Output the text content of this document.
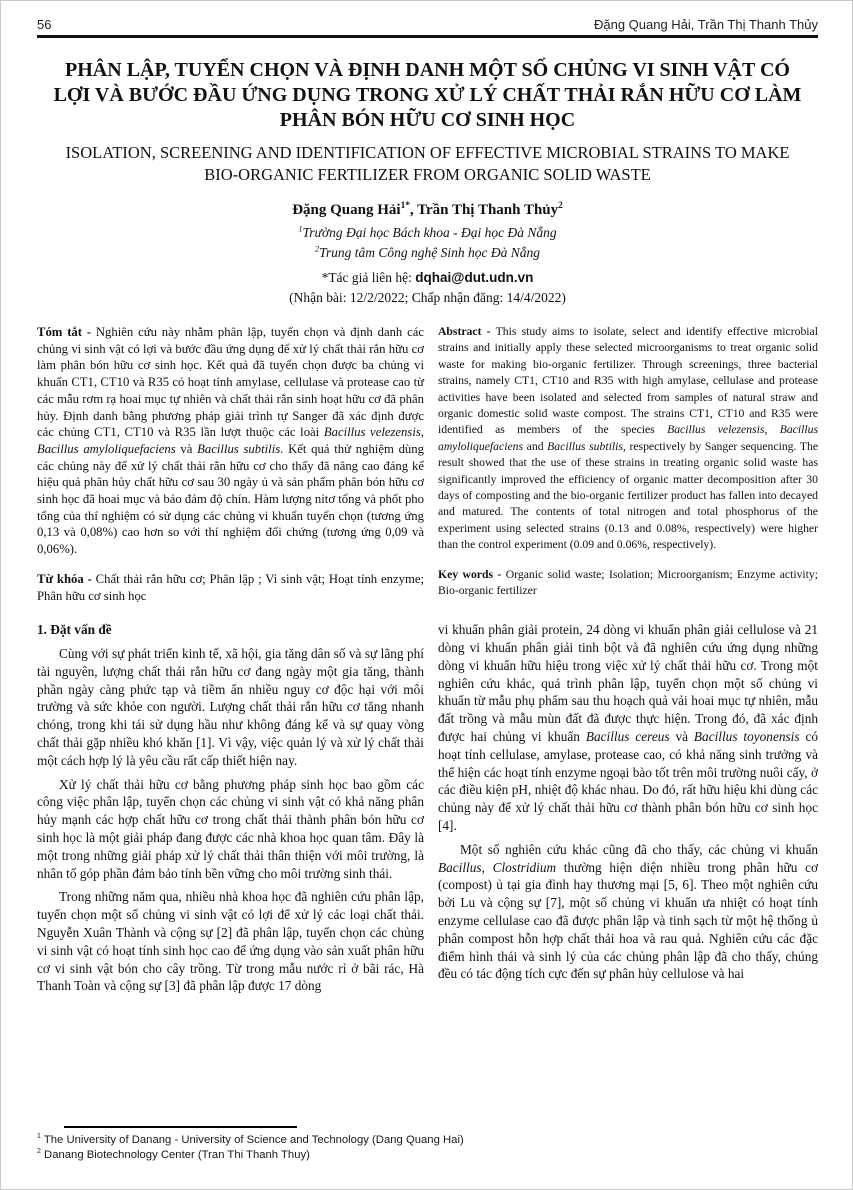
56	Đặng Quang Hải, Trần Thị Thanh Thủy
PHÂN LẬP, TUYỂN CHỌN VÀ ĐỊNH DANH MỘT SỐ CHỦNG VI SINH VẬT CÓ LỢI VÀ BƯỚC ĐẦU ỨNG DỤNG TRONG XỬ LÝ CHẤT THẢI RẮN HỮU CƠ LÀM PHÂN BÓN HỮU CƠ SINH HỌC
ISOLATION, SCREENING AND IDENTIFICATION OF EFFECTIVE MICROBIAL STRAINS TO MAKE BIO-ORGANIC FERTILIZER FROM ORGANIC SOLID WASTE
Đặng Quang Hải$^{1*}$, Trần Thị Thanh Thủy$^2$
$^1$Trường Đại học Bách khoa - Đại học Đà Nẵng
$^2$Trung tâm Công nghệ Sinh học Đà Nẵng
*Tác giả liên hệ: dqhai@dut.udn.vn
(Nhận bài: 12/2/2022; Chấp nhận đăng: 14/4/2022)
Tóm tắt - Nghiên cứu này nhằm phân lập, tuyển chọn và định danh các chủng vi sinh vật có lợi và bước đầu ứng dụng để xử lý chất thải rắn hữu cơ làm phân bón hữu cơ sinh học. Kết quả đã tuyển chọn được ba chủng vi khuẩn CT1, CT10 và R35 có hoạt tính amylase, cellulase và protease cao từ các mẫu rơm rạ hoai mục tự nhiên và chất thải rắn sinh hoạt hữu cơ đã phân hủy. Định danh bằng phương pháp giải trình tự Sanger đã xác định được các chủng CT1, CT10 và R35 lần lượt thuộc các loài Bacillus velezensis, Bacillus amyloliquefaciens và Bacillus subtilis. Kết quả thử nghiệm dùng các chủng này để xử lý chất thải rắn hữu cơ cho thấy đã nâng cao đáng kể hiệu quả phân hủy chất hữu cơ sau 30 ngày ủ và sản phẩm phân bón hữu cơ sinh học đã hoai mục và bảo đảm độ chín. Hàm lượng nitơ tổng và phốt pho tổng của thí nghiệm có sử dụng các chủng vi khuẩn tuyển chọn (tương ứng 0,13 và 0,08%) cao hơn so với thí nghiệm đối chứng (tương ứng 0,09 và 0,06%).
Từ khóa - Chất thải rắn hữu cơ; Phân lập ; Vi sinh vật; Hoạt tính enzyme; Phân hữu cơ sinh học
Abstract - This study aims to isolate, select and identify effective microbial strains and initially apply these selected microorganisms to treat organic solid waste for making bio-organic fertilizer. Through screenings, three bacterial strains, namely CT1, CT10 and R35 with high amylase, cellulase and protease activities have been isolated and selected from samples of natural straw and organic domestic solid waste compost. The strains CT1, CT10 and R35 were identified as members of the species Bacillus velezensis, Bacillus amyloliquefaciens and Bacillus subtilis, respectively by Sanger sequencing. The result showed that the use of these strains in treating organic solid waste has significantly improved the efficiency of organic matter decomposition after 30 days of composting and the bio-organic fertilizer product has fallen into decayed and matured. The contents of total nitrogen and total phosphorus of the experiment using selected strains (0.13 and 0.08%, respectively) were higher than the control experiment (0.09 and 0.06%, respectively).
Key words - Organic solid waste; Isolation; Microorganism; Enzyme activity; Bio-organic fertilizer

1. Đặt vấn đề

Cùng với sự phát triển kinh tế, xã hội, gia tăng dân số và sự lãng phí tài nguyên, lượng chất thải rắn hữu cơ đang ngày một gia tăng, thành phần ngày càng phức tạp và tiềm ẩn nhiều nguy cơ độc hại với môi trường và sức khỏe con người. Lượng chất thải rắn hữu cơ tăng nhanh chóng, trong khi tái sử dụng hầu như không đáng kể và sự quay vòng chất thải gặp nhiều khó khăn [1]. Vì vậy, việc quản lý và xử lý chất thải một cách hợp lý là yêu cầu rất cấp thiết hiện nay.

Xử lý chất thải hữu cơ bằng phương pháp sinh học bao gồm các công việc phân lập, tuyển chọn các chủng vi sinh vật có khả năng phân hủy mạnh các hợp chất hữu cơ trong chất thải thành phân bón hữu cơ sinh học là một giải pháp đang được các nhà khoa học quan tâm. Đây là một trong những giải pháp xử lý chất thải thân thiện với môi trường, là nhân tố góp phần đảm bảo tính bền vững cho môi trường sinh thái.

Trong những năm qua, nhiều nhà khoa học đã nghiên cứu phân lập, tuyển chọn một số chủng vi sinh vật có lợi để xử lý các loại chất thải. Nguyễn Xuân Thành và cộng sự [2] đã phân lập, tuyển chọn các chủng vi sinh vật có hoạt tính sinh học cao để ứng dụng vào sản xuất phân hữu cơ vi sinh vật bón cho cây trồng. Từ trong mẫu nước rỉ ở bãi rác, Hà Thanh Toàn và cộng sự [3] đã phân lập được 17 dòng

vi khuẩn phân giải protein, 24 dòng vi khuẩn phân giải cellulose và 21 dòng vi khuẩn phân giải tinh bột và đã nghiên cứu ứng dụng những dòng vi khuẩn hữu hiệu trong việc xử lý chất thải hữu cơ. Trong một nghiên cứu khác, quá trình phân lập, tuyển chọn một số chủng vi khuẩn từ mẫu phụ phẩm sau thu hoạch quả vải hoai mục tự nhiên, mẫu đất trồng và mẫu mùn đất đã được thực hiện. Trong đó, đã xác định được hai chủng vi khuẩn Bacillus cereus và Bacillus toyonensis có hoạt tính cellulase, amylase, protease cao, có khả năng sinh trưởng và thể hiện các hoạt tính enzyme ngoại bào tốt trên môi trường nuôi cấy, ở các điều kiện pH, nhiệt độ khác nhau. Do đó, rất hữu hiệu khi dùng các chủng này để xử lý chất thải hữu cơ thành phân bón hữu cơ sinh học [4].

Một số nghiên cứu khác cũng đã cho thấy, các chủng vi khuẩn Bacillus, Clostridium thường hiện diện nhiều trong phân hữu cơ (compost) ủ tại gia đình hay thương mại [5, 6]. Theo một nghiên cứu bởi Lu và cộng sự [7], một số chủng vi khuẩn ưa nhiệt có hoạt tính enzyme cellulase cao đã được phân lập và tinh sạch từ một hệ thống ủ phân compost hỗn hợp chất thải hoa và rau quả. Nghiên cứu các đặc điểm hình thái và sinh lý của các chủng phân lập đã cho thấy, chúng đều có tác động tích cực đến sự phân hủy cellulose và hai

$^1$ The University of Danang - University of Science and Technology (Dang Quang Hai)
$^2$ Danang Biotechnology Center (Tran Thi Thanh Thuy)
